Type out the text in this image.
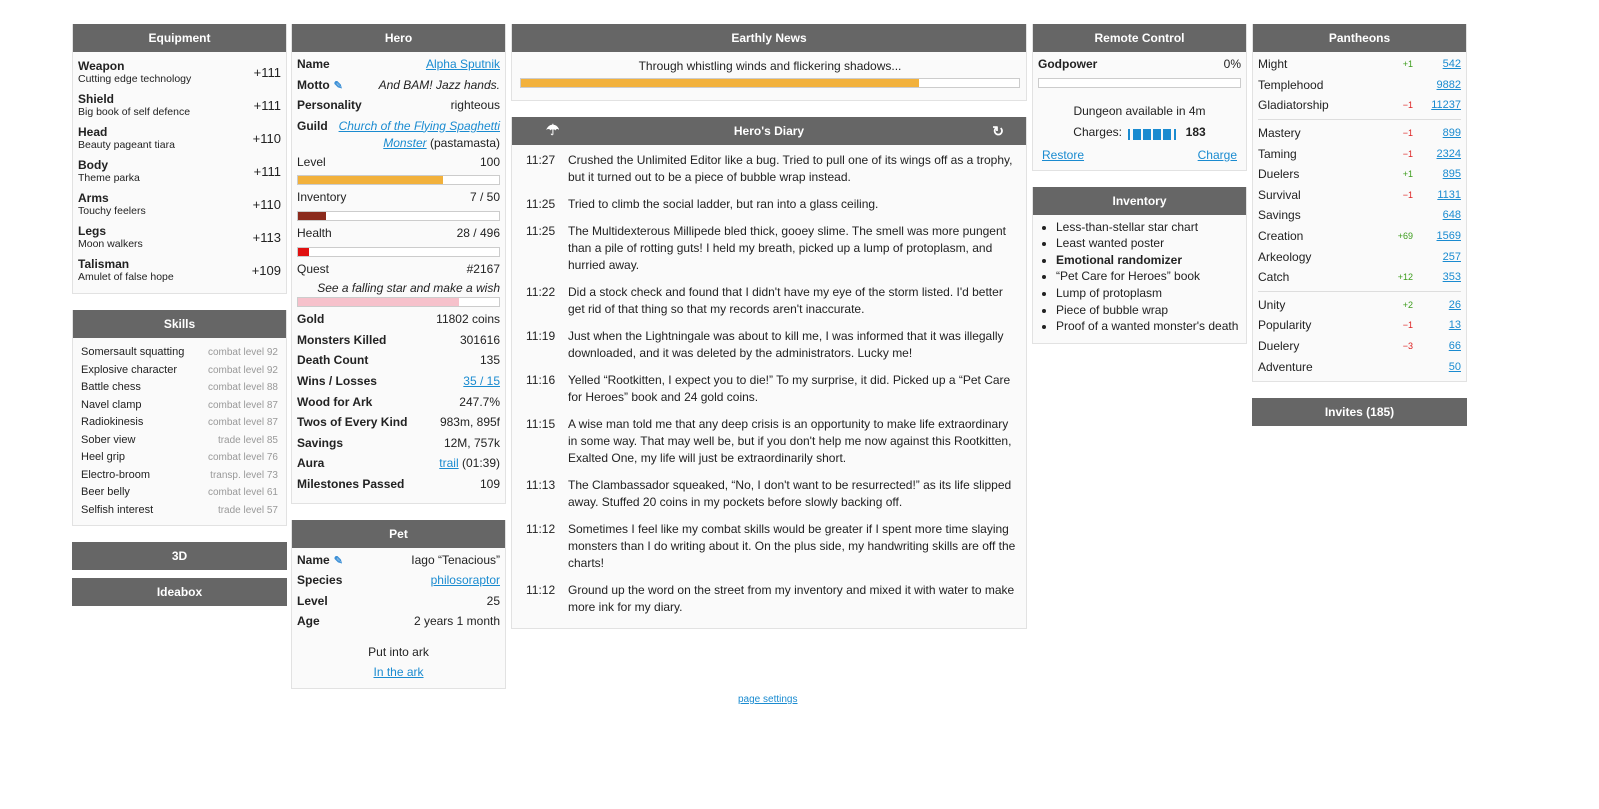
Equipment
Weapon
Cutting edge technology	+111
Shield
Big book of self defence	+111
Head
Beauty pageant tiara	+110
Body
Theme parka	+111
Arms
Touchy feelers	+110
Legs
Moon walkers	+113
Talisman
Amulet of false hope	+109
Skills
Somersault squatting combat level 92
Explosive character	combat level 92
Battle chess	combat level 88
Navel clamp	combat level 87
Radiokinesis	combat level 87
Sober view	trade level 85
Heel grip	combat level 76
Electro-broom	transp. level 73
Beer belly	combat level 61
Selfish interest	trade level 57
3D
Ideabox
Hero
Name	Alpha Sputnik
Motto ✎	And BAM! Jazz hands.
Personality	righteous
Guild Church of the Flying Spaghetti Monster (pastamasta)
Level	100
Inventory	7 / 50
Health	28 / 496
Quest	#2167
See a falling star and make a wish
Gold	11802 coins
Monsters Killed	301616
Death Count	135
Wins / Losses	35 / 15
Wood for Ark	247.7%
Twos of Every Kind	983m, 895f
Savings	12M, 757k
Aura	trail (01:39)
Milestones Passed	109
Pet
Name ✎	Iago “Tenacious”
Species	philosoraptor
Level	25
Age	2 years 1 month
Put into ark
In the ark
Earthly News
Through whistling winds and flickering shadows...
☂	Hero's Diary	↻
11:27	Crushed the Unlimited Editor like a bug. Tried to pull one of its wings off as a trophy, but it turned out to be a piece of bubble wrap instead.
11:25	Tried to climb the social ladder, but ran into a glass ceiling.
11:25	The Multidexterous Millipede bled thick, gooey slime. The smell was more pungent than a pile of rotting guts! I held my breath, picked up a lump of protoplasm, and hurried away.
11:22	Did a stock check and found that I didn't have my eye of the storm listed. I'd better get rid of that thing so that my records aren't inaccurate.
11:19	Just when the Lightningale was about to kill me, I was informed that it was illegally downloaded, and it was deleted by the administrators. Lucky me!
11:16	Yelled “Rootkitten, I expect you to die!” To my surprise, it did. Picked up a “Pet Care for Heroes” book and 24 gold coins.
11:15	A wise man told me that any deep crisis is an opportunity to make life extraordinary in some way. That may well be, but if you don't help me now against this Rootkitten, Exalted One, my life will just be extraordinarily short.
11:13	The Clambassador squeaked, “No, I don't want to be resurrected!” as its life slipped away. Stuffed 20 coins in my pockets before slowly backing off.
11:12	Sometimes I feel like my combat skills would be greater if I spent more time slaying monsters than I do writing about it. On the plus side, my handwriting skills are off the charts!
11:12	Ground up the word on the street from my inventory and mixed it with water to make more ink for my diary.
Remote Control
Godpower	0%
Dungeon available in 4m
Charges:	183
Restore	Charge
Inventory
• Less-than-stellar star chart
• Least wanted poster
• Emotional randomizer
• “Pet Care for Heroes” book
• Lump of protoplasm
• Piece of bubble wrap
• Proof of a wanted monster's death
Pantheons
Might	+1	542
Templehood	9882
Gladiatorship	−1	11237
Mastery	−1	899
Taming	−1	2324
Duelers	+1	895
Survival	−1	1131
Savings	648
Creation	+69	1569
Arkeology	257
Catch	+12	353
Unity	+2	26
Popularity	−1	13
Duelery	−3	66
Adventure	50
Invites (185)
page settings
